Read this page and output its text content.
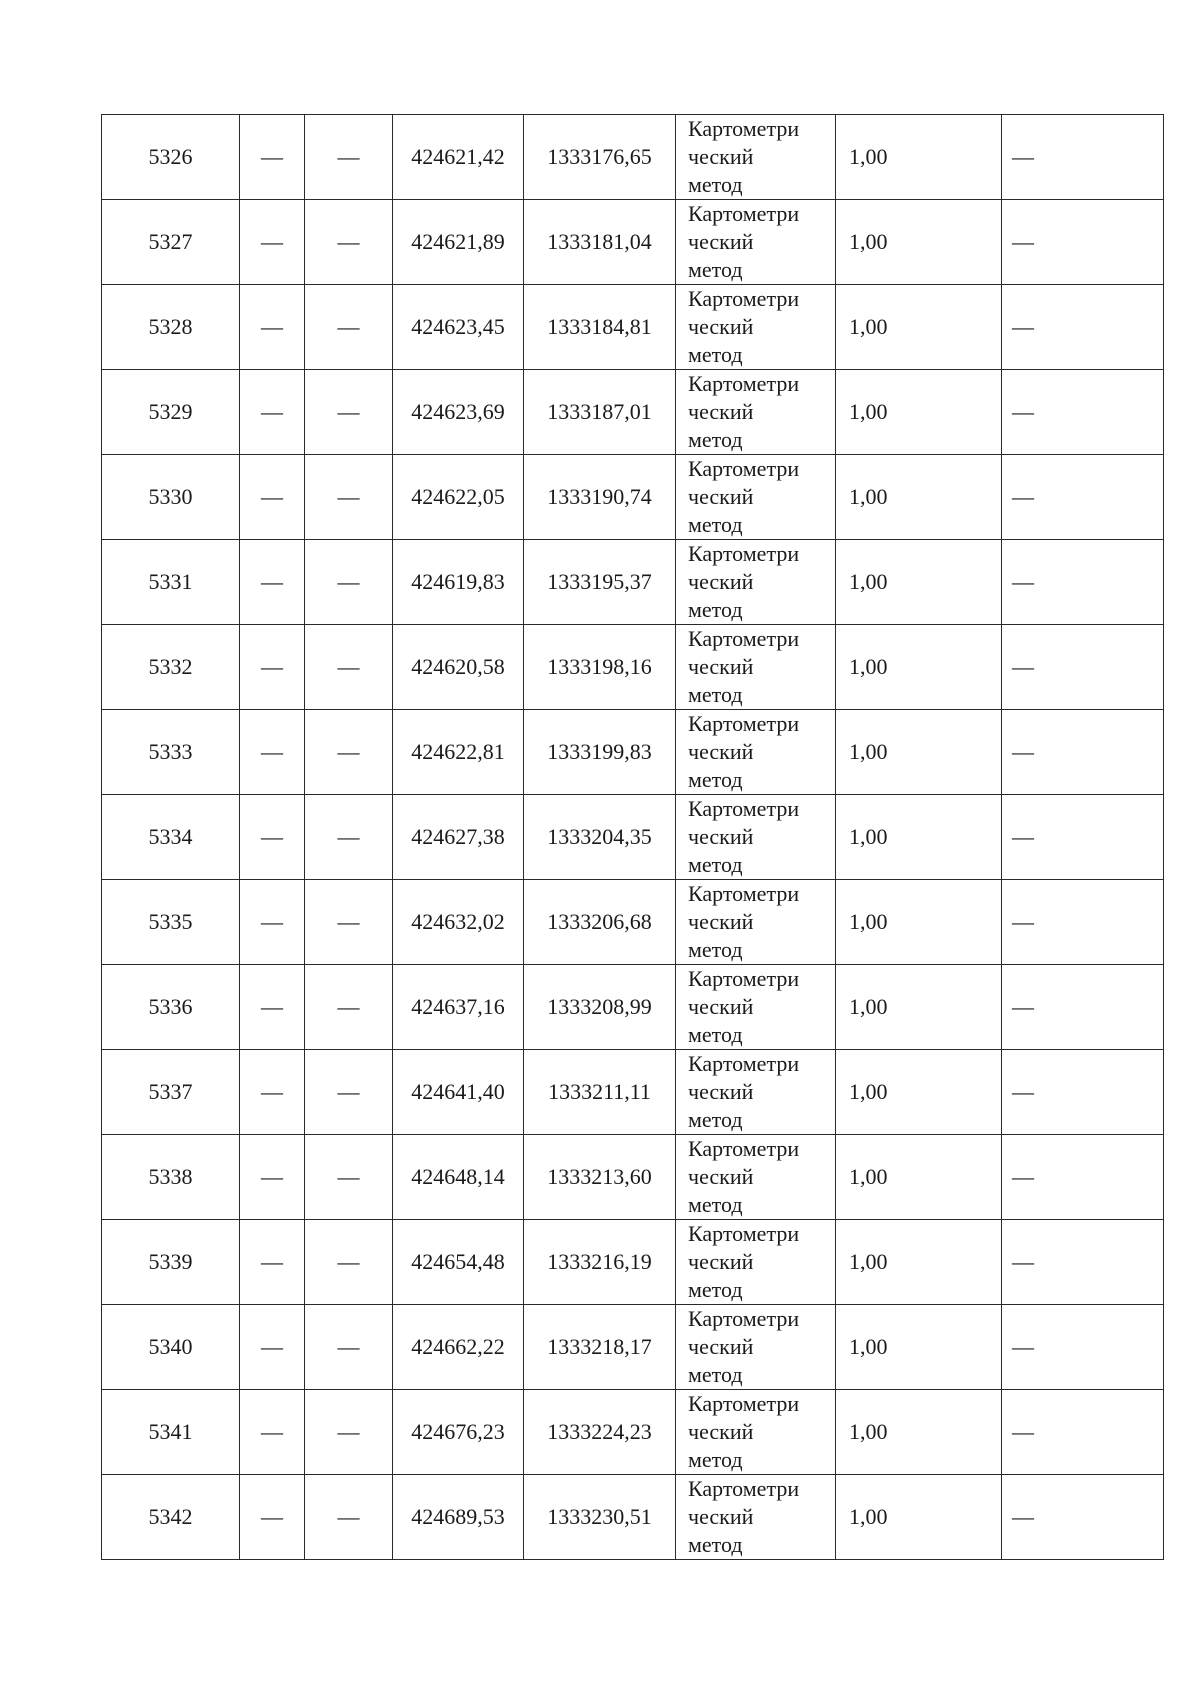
5326	—	—	424621,42	1333176,65	Картометри
ческий
метод	1,00	—
5327	—	—	424621,89	1333181,04	Картометри
ческий
метод	1,00	—
5328	—	—	424623,45	1333184,81	Картометри
ческий
метод	1,00	—
5329	—	—	424623,69	1333187,01	Картометри
ческий
метод	1,00	—
5330	—	—	424622,05	1333190,74	Картометри
ческий
метод	1,00	—
5331	—	—	424619,83	1333195,37	Картометри
ческий
метод	1,00	—
5332	—	—	424620,58	1333198,16	Картометри
ческий
метод	1,00	—
5333	—	—	424622,81	1333199,83	Картометри
ческий
метод	1,00	—
5334	—	—	424627,38	1333204,35	Картометри
ческий
метод	1,00	—
5335	—	—	424632,02	1333206,68	Картометри
ческий
метод	1,00	—
5336	—	—	424637,16	1333208,99	Картометри
ческий
метод	1,00	—
5337	—	—	424641,40	1333211,11	Картометри
ческий
метод	1,00	—
5338	—	—	424648,14	1333213,60	Картометри
ческий
метод	1,00	—
5339	—	—	424654,48	1333216,19	Картометри
ческий
метод	1,00	—
5340	—	—	424662,22	1333218,17	Картометри
ческий
метод	1,00	—
5341	—	—	424676,23	1333224,23	Картометри
ческий
метод	1,00	—
5342	—	—	424689,53	1333230,51	Картометри
ческий
метод	1,00	—
